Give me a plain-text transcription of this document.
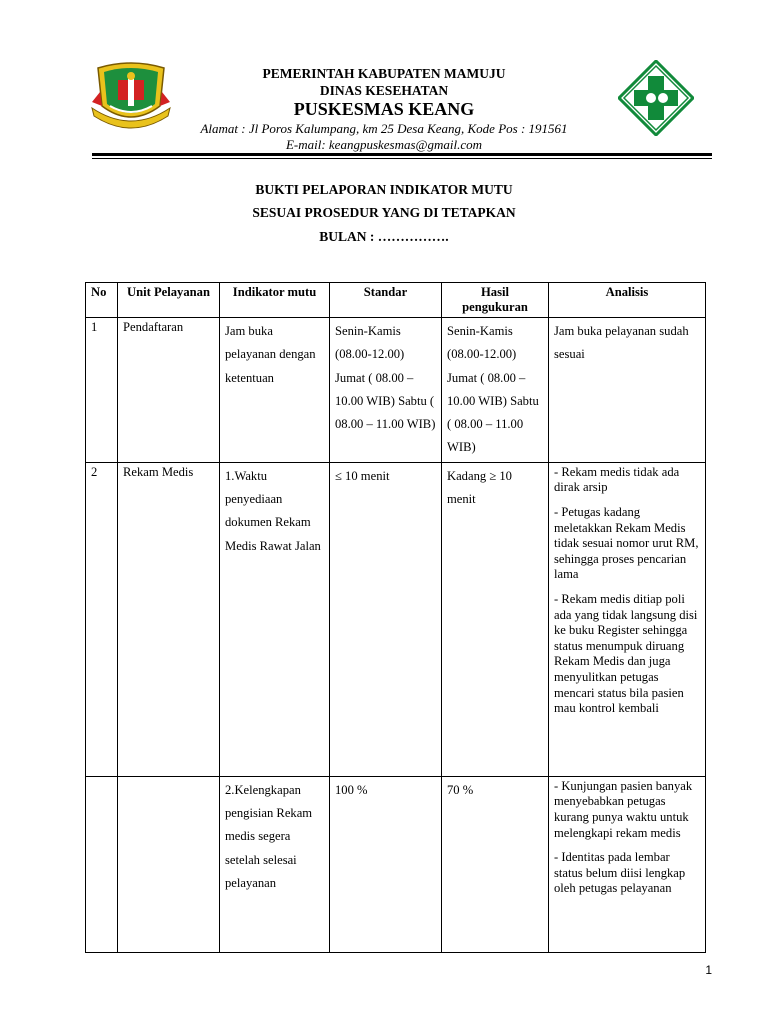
PEMERINTAH KABUPATEN MAMUJU
DINAS KESEHATAN
PUSKESMAS KEANG
Alamat : Jl Poros Kalumpang, km 25 Desa Keang, Kode Pos : 191561
E-mail: keangpuskesmas@gmail.com
BUKTI PELAPORAN INDIKATOR MUTU
SESUAI PROSEDUR YANG DI TETAPKAN
BULAN : …………….
No	Unit Pelayanan	Indikator mutu	Standar	Hasil pengukuran	Analisis
1	Pendaftaran	Jam buka pelayanan dengan ketentuan	Senin-Kamis (08.00-12.00) Jumat ( 08.00 – 10.00 WIB) Sabtu ( 08.00 – 11.00 WIB)	Senin-Kamis (08.00-12.00) Jumat ( 08.00 – 10.00 WIB) Sabtu ( 08.00 – 11.00 WIB)	Jam buka pelayanan sudah sesuai
2	Rekam Medis	1.Waktu penyediaan dokumen Rekam Medis Rawat Jalan	≤ 10 menit	Kadang ≥ 10 menit	- Rekam medis tidak ada dirak arsip
- Petugas kadang meletakkan Rekam Medis tidak sesuai nomor urut RM, sehingga proses pencarian lama
- Rekam medis ditiap poli ada yang tidak langsung disi ke buku Register sehingga status menumpuk diruang Rekam Medis dan juga menyulitkan petugas mencari status bila pasien mau kontrol kembali

		2.Kelengkapan pengisian Rekam medis segera setelah selesai pelayanan	100 %	70 %	- Kunjungan pasien banyak menyebabkan petugas kurang punya waktu untuk melengkapi rekam medis
- Identitas pada lembar status belum diisi lengkap oleh petugas pelayanan
1
